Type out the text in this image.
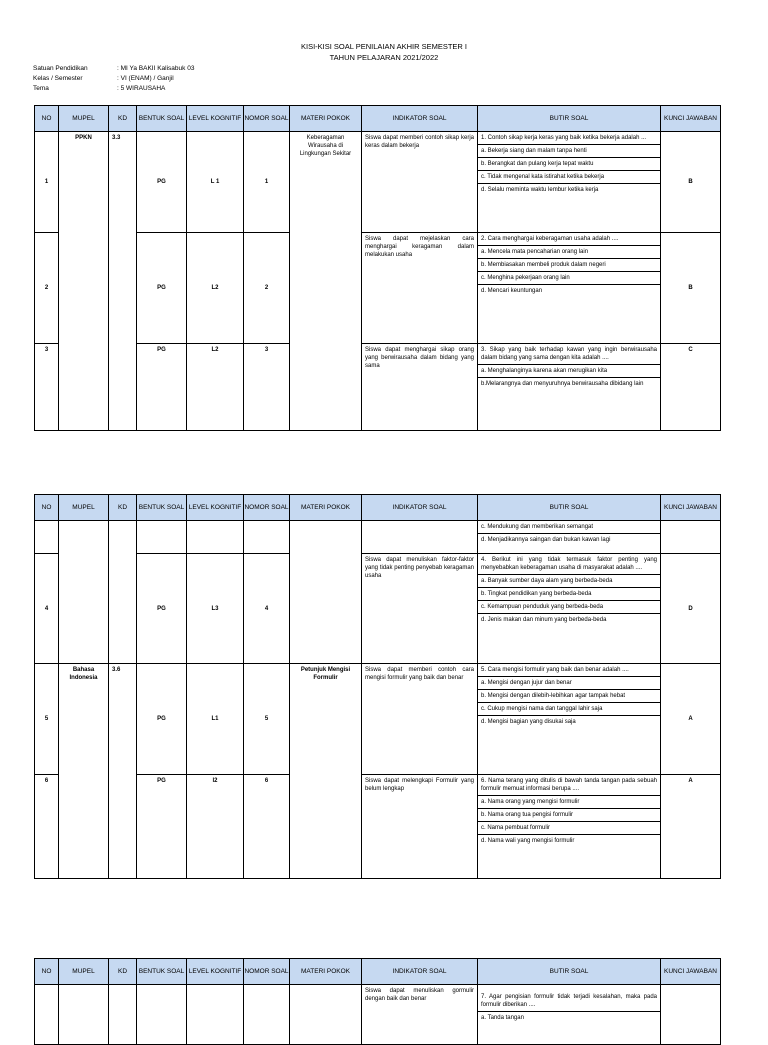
KISI-KISI SOAL PENILAIAN AKHIR SEMESTER I
TAHUN PELAJARAN 2021/2022
Satuan Pendidikan	: MI Ya BAKII Kalisabuk 03
Kelas / Semester	: VI (ENAM) / Ganjil
Tema	: 5 WIRAUSAHA
NO	MUPEL	KD	BENTUK SOAL	LEVEL KOGNITIF	NOMOR SOAL	MATERI POKOK	INDIKATOR SOAL	BUTIR SOAL	KUNCI JAWABAN
1	PPKN	3.3	PG	L 1	1	Keberagaman Wirausaha di Lingkungan Sekitar	Siswa dapat memberi contoh sikap kerja keras dalam bekerja	1. Contoh sikap kerja keras yang baik ketika bekerja adalah ...
a. Bekerja siang dan malam tanpa henti
b. Berangkat dan pulang kerja tepat waktu
c. Tidak mengenal kata istirahat ketika bekerja
d. Selalu meminta waktu lembur ketika kerja	B
2			PG	L2	2		Siswa dapat mejelaskan cara menghargai keragaman dalam melakukan usaha	2. Cara menghargai keberagaman usaha adalah ....
a. Mencela mata pencaharian orang lain
b. Membiasakan membeli produk dalam negeri
c. Menghina pekerjaan orang lain
d. Mencari keuntungan	B
3			PG	L2	3		Siswa dapat menghargai sikap orang yang berwirausaha dalam bidang yang sama	3. Sikap yang baik terhadap kawan yang ingin berwirausaha dalam bidang yang sama dengan kita adalah ....
a. Menghalanginya karena akan merugikan kita
b.Melarangnya dan menyuruhnya berwirausaha dibidang lain	C
NO	MUPEL	KD	BENTUK SOAL	LEVEL KOGNITIF	NOMOR SOAL	MATERI POKOK	INDIKATOR SOAL	BUTIR SOAL	KUNCI JAWABAN

								c. Mendukung dan memberikan semangat
d. Menjadikannya saingan dan bukan kawan lagi	

4			PG	L3	4		Siswa dapat menuliskan faktor-faktor yang tidak penting penyebab keragaman usaha	4. Berikut ini yang tidak termasuk faktor penting yang menyebabkan keberagaman usaha di masyarakat adalah ....
a. Banyak sumber daya alam yang berbeda-beda
b. Tingkat pendidikan yang berbeda-beda
c. Kemampuan penduduk yang berbeda-beda
d. Jenis makan dan minum yang berbeda-beda	D
5	Bahasa Indonesia	3.6	PG	L1	5	Petunjuk Mengisi Formulir	Siswa dapat memberi contoh cara mengisi formulir yang baik dan benar	5. Cara mengisi formulir yang baik dan benar adalah ....
a. Mengisi dengan jujur dan benar
b. Mengisi dengan dilebih-lebihkan agar tampak hebat
c. Cukup mengisi nama dan tanggal lahir saja
d. Mengisi bagian yang disukai saja	A
6			PG	l2	6		Siswa dapat melengkapi Formulir yang belum lengkap	6. Nama terang yang ditulis di bawah tanda tangan pada sebuah formulir memuat informasi berupa ....
a. Nama orang yang mengisi formulir
b. Nama orang tua pengisi formulir
c. Nama pembuat formulir
d. Nama wali yang mengisi formulir	A
NO	MUPEL	KD	BENTUK SOAL	LEVEL KOGNITIF	NOMOR SOAL	MATERI POKOK	INDIKATOR SOAL	BUTIR SOAL	KUNCI JAWABAN
							Siswa dapat menuliskan gormulir dengan baik dan benar	7. Agar pengisian formulir tidak terjadi kesalahan, maka pada formulir diberikan ....
a. Tanda tangan	
